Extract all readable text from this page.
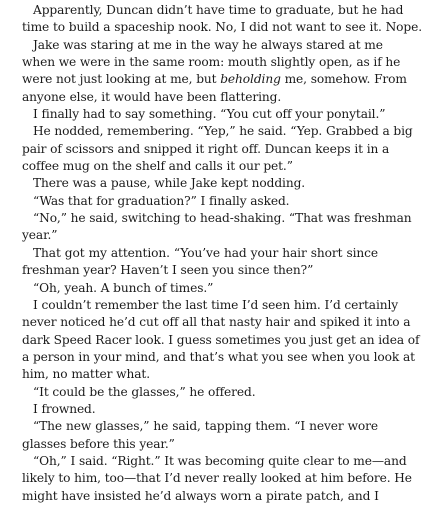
Apparently, Duncan didn’t have time to graduate, but he had
time to build a spaceship nook. No, I did not want to see it. Nope.
Jake was staring at me in the way he always stared at me
when we were in the same room: mouth slightly open, as if he
were not just looking at me, but beholding me, somehow. From
anyone else, it would have been flattering.
I finally had to say something. “You cut off your ponytail.”
He nodded, remembering. “Yep,” he said. “Yep. Grabbed a big
pair of scissors and snipped it right off. Duncan keeps it in a
coffee mug on the shelf and calls it our pet.”
There was a pause, while Jake kept nodding.
“Was that for graduation?” I finally asked.
“No,” he said, switching to head-shaking. “That was freshman
year.”
That got my attention. “You’ve had your hair short since
freshman year? Haven’t I seen you since then?”
“Oh, yeah. A bunch of times.”
I couldn’t remember the last time I’d seen him. I’d certainly
never noticed he’d cut off all that nasty hair and spiked it into a
dark Speed Racer look. I guess sometimes you just get an idea of
a person in your mind, and that’s what you see when you look at
him, no matter what.
“It could be the glasses,” he offered.
I frowned.
“The new glasses,” he said, tapping them. “I never wore
glasses before this year.”
“Oh,” I said. “Right.” It was becoming quite clear to me—and
likely to him, too—that I’d never really looked at him before. He
might have insisted he’d always worn a pirate patch, and I
